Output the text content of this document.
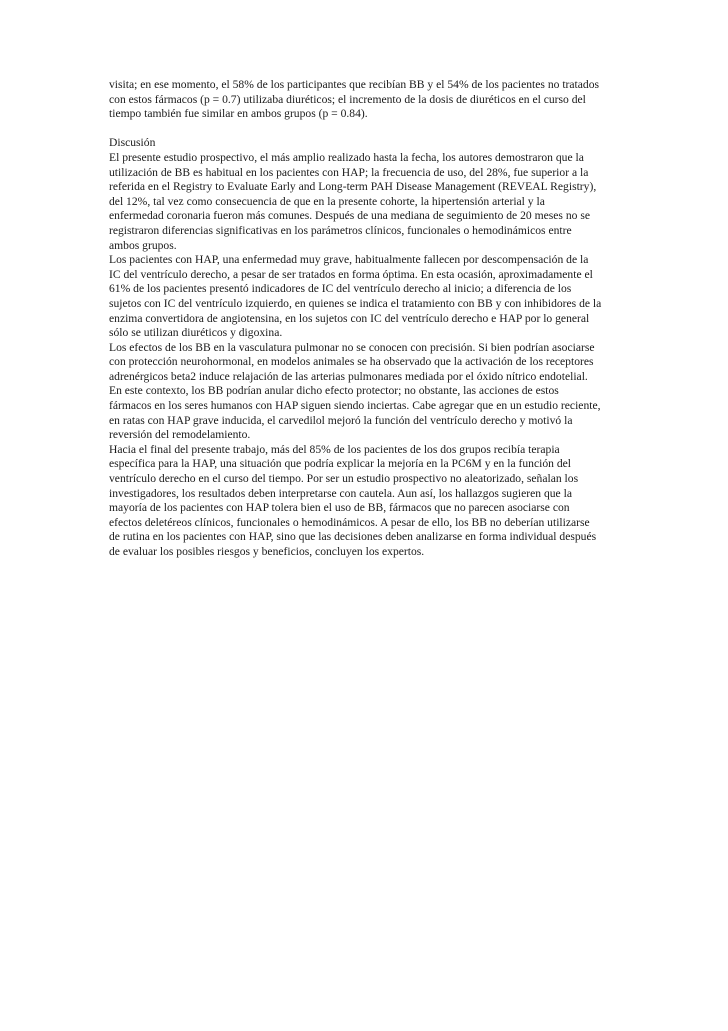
visita; en ese momento, el 58% de los participantes que recibían BB y el 54% de los pacientes no tratados
con estos fármacos (p = 0.7) utilizaba diuréticos; el incremento de la dosis de diuréticos en el curso del
tiempo también fue similar en ambos grupos (p = 0.84).
Discusión
El presente estudio prospectivo, el más amplio realizado hasta la fecha, los autores demostraron que la
utilización de BB es habitual en los pacientes con HAP; la frecuencia de uso, del 28%, fue superior a la
referida en el Registry to Evaluate Early and Long-term PAH Disease Management (REVEAL Registry),
del 12%, tal vez como consecuencia de que en la presente cohorte, la hipertensión arterial y la
enfermedad coronaria fueron más comunes. Después de una mediana de seguimiento de 20 meses no se
registraron diferencias significativas en los parámetros clínicos, funcionales o hemodinámicos entre
ambos grupos.
Los pacientes con HAP, una enfermedad muy grave, habitualmente fallecen por descompensación de la
IC del ventrículo derecho, a pesar de ser tratados en forma óptima. En esta ocasión, aproximadamente el
61% de los pacientes presentó indicadores de IC del ventrículo derecho al inicio; a diferencia de los
sujetos con IC del ventrículo izquierdo, en quienes se indica el tratamiento con BB y con inhibidores de la
enzima convertidora de angiotensina, en los sujetos con IC del ventrículo derecho e HAP por lo general
sólo se utilizan diuréticos y digoxina.
Los efectos de los BB en la vasculatura pulmonar no se conocen con precisión. Si bien podrían asociarse
con protección neurohormonal, en modelos animales se ha observado que la activación de los receptores
adrenérgicos beta2 induce relajación de las arterias pulmonares mediada por el óxido nítrico endotelial.
En este contexto, los BB podrían anular dicho efecto protector; no obstante, las acciones de estos
fármacos en los seres humanos con HAP siguen siendo inciertas. Cabe agregar que en un estudio reciente,
en ratas con HAP grave inducida, el carvedilol mejoró la función del ventrículo derecho y motivó la
reversión del remodelamiento.
Hacia el final del presente trabajo, más del 85% de los pacientes de los dos grupos recibía terapia
específica para la HAP, una situación que podría explicar la mejoría en la PC6M y en la función del
ventrículo derecho en el curso del tiempo. Por ser un estudio prospectivo no aleatorizado, señalan los
investigadores, los resultados deben interpretarse con cautela. Aun así, los hallazgos sugieren que la
mayoría de los pacientes con HAP tolera bien el uso de BB, fármacos que no parecen asociarse con
efectos deletéreos clínicos, funcionales o hemodinámicos. A pesar de ello, los BB no deberían utilizarse
de rutina en los pacientes con HAP, sino que las decisiones deben analizarse en forma individual después
de evaluar los posibles riesgos y beneficios, concluyen los expertos.
